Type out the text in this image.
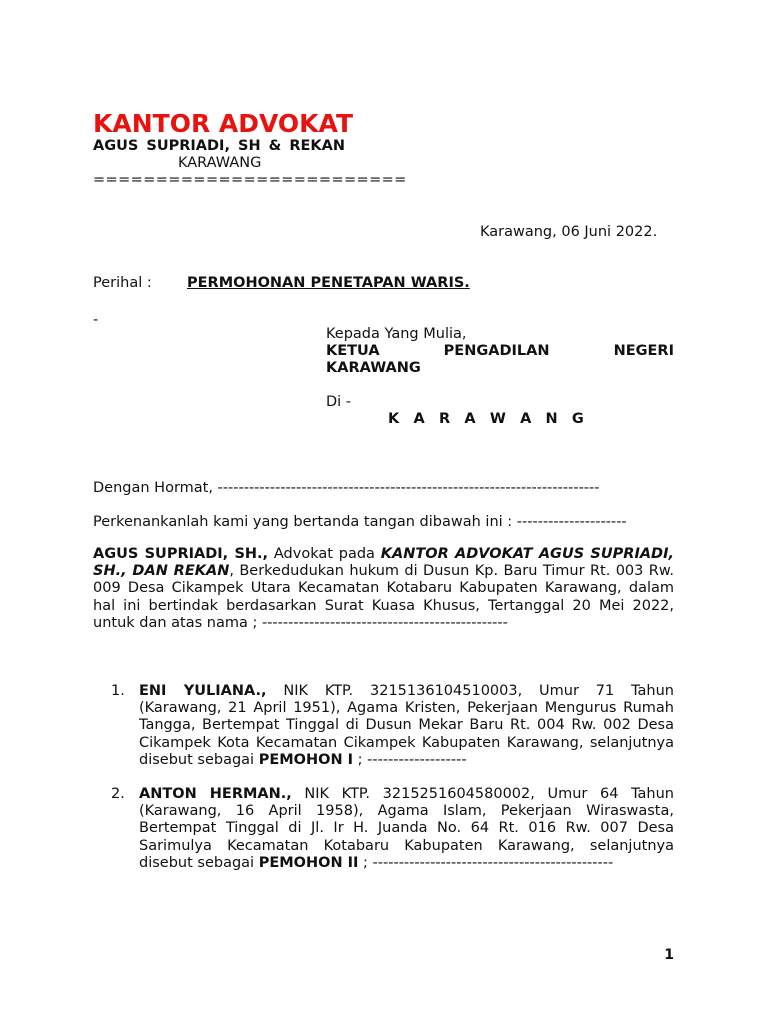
KANTOR ADVOKAT
AGUS SUPRIADI, SH & REKAN
KARAWANG
=========================
Karawang, 06 Juni 2022.
Perihal : PERMOHONAN PENETAPAN WARIS.
-
Kepada Yang Mulia,
KETUA	PENGADILAN	NEGERI
KARAWANG
Di -
K A R A W A N G
Dengan Hormat, -------------------------------------------------------------------------
Perkenankanlah kami yang bertanda tangan dibawah ini : ---------------------
AGUS SUPRIADI, SH., Advokat pada KANTOR ADVOKAT AGUS SUPRIADI, SH., DAN REKAN, Berkedudukan hukum di Dusun Kp. Baru Timur Rt. 003 Rw. 009 Desa Cikampek Utara Kecamatan Kotabaru Kabupaten Karawang, dalam hal ini bertindak berdasarkan Surat Kuasa Khusus, Tertanggal 20 Mei 2022, untuk dan atas nama ; -----------------------------------------------
1. ENI YULIANA., NIK KTP. 3215136104510003, Umur 71 Tahun (Karawang, 21 April 1951), Agama Kristen, Pekerjaan Mengurus Rumah Tangga, Bertempat Tinggal di Dusun Mekar Baru Rt. 004 Rw. 002 Desa Cikampek Kota Kecamatan Cikampek Kabupaten Karawang, selanjutnya disebut sebagai PEMOHON I ; -------------------
2. ANTON HERMAN., NIK KTP. 3215251604580002, Umur 64 Tahun (Karawang, 16 April 1958), Agama Islam, Pekerjaan Wiraswasta, Bertempat Tinggal di Jl. Ir H. Juanda No. 64 Rt. 016 Rw. 007 Desa Sarimulya Kecamatan Kotabaru Kabupaten Karawang, selanjutnya disebut sebagai PEMOHON II ; ----------------------------------------------
1
